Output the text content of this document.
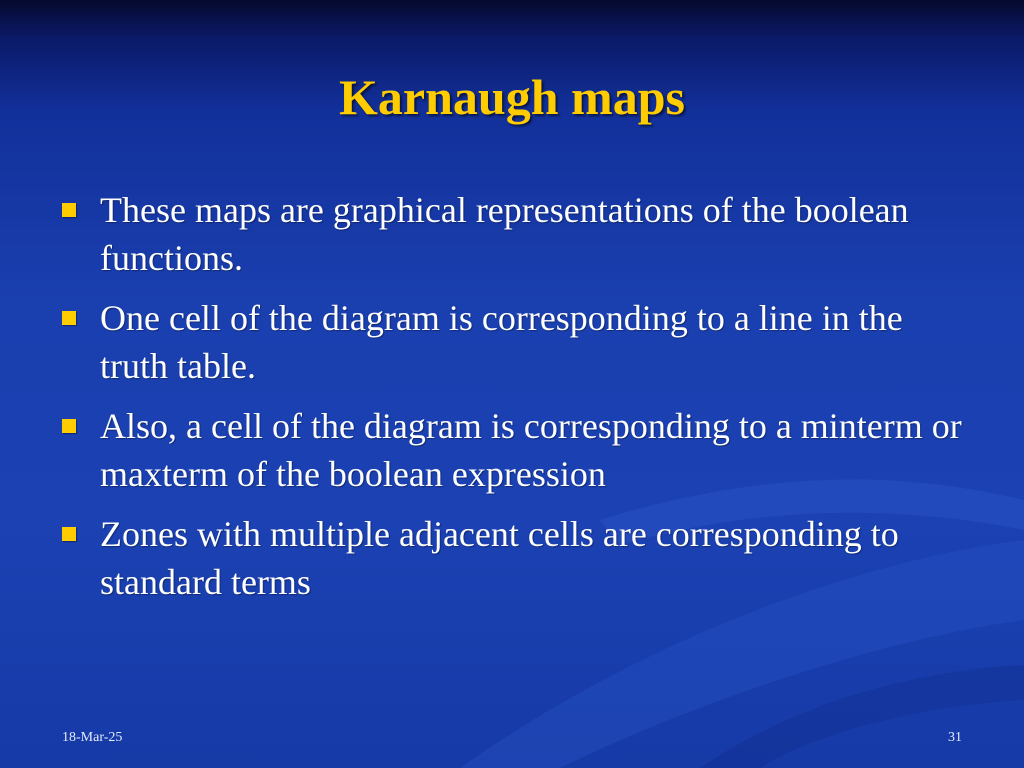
Karnaugh maps
These maps are graphical representations of the boolean functions.
One cell of the diagram is corresponding to a line in the truth table.
Also, a cell of the diagram is corresponding to a minterm or maxterm of the boolean expression
Zones with multiple adjacent cells are corresponding to standard terms
18-Mar-25	31
